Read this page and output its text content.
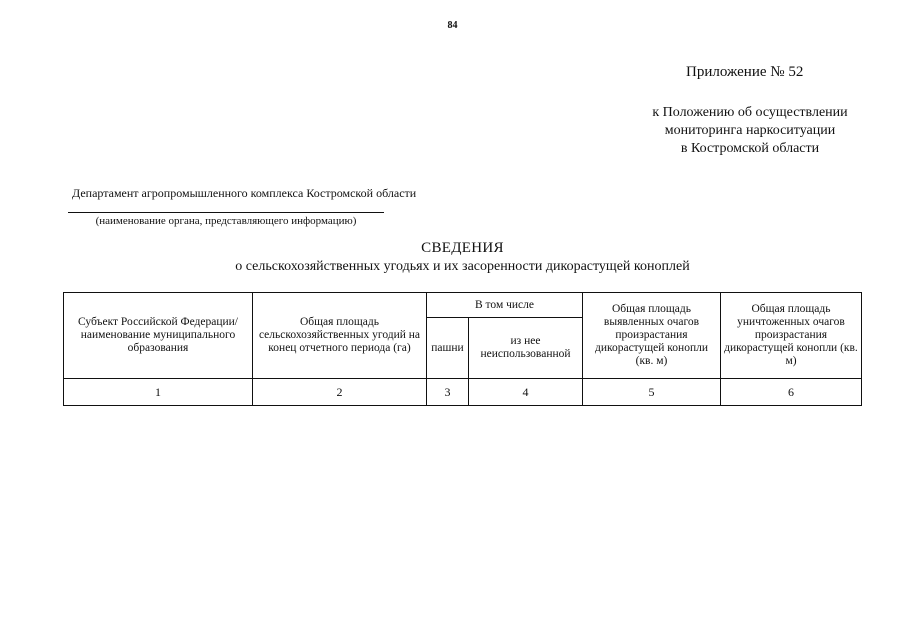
84
Приложение № 52
к Положению об осуществлении
мониторинга наркоситуации
в Костромской области
Департамент агропромышленного комплекса Костромской области
(наименование органа, представляющего информацию)
СВЕДЕНИЯ
о сельскохозяйственных угодьях и их засоренности дикорастущей коноплей
Субъект Российской Федерации/наименование муниципального образования	Общая площадь сельскохозяйственных угодий на конец отчетного периода (га)	В том числе		Общая площадь выявленных очагов произрастания дикорастущей конопли (кв. м)	Общая площадь уничтоженных очагов произрастания дикорастущей конопли (кв. м)
		пашни	из нее неиспользованной		
1	2	3	4	5	6
